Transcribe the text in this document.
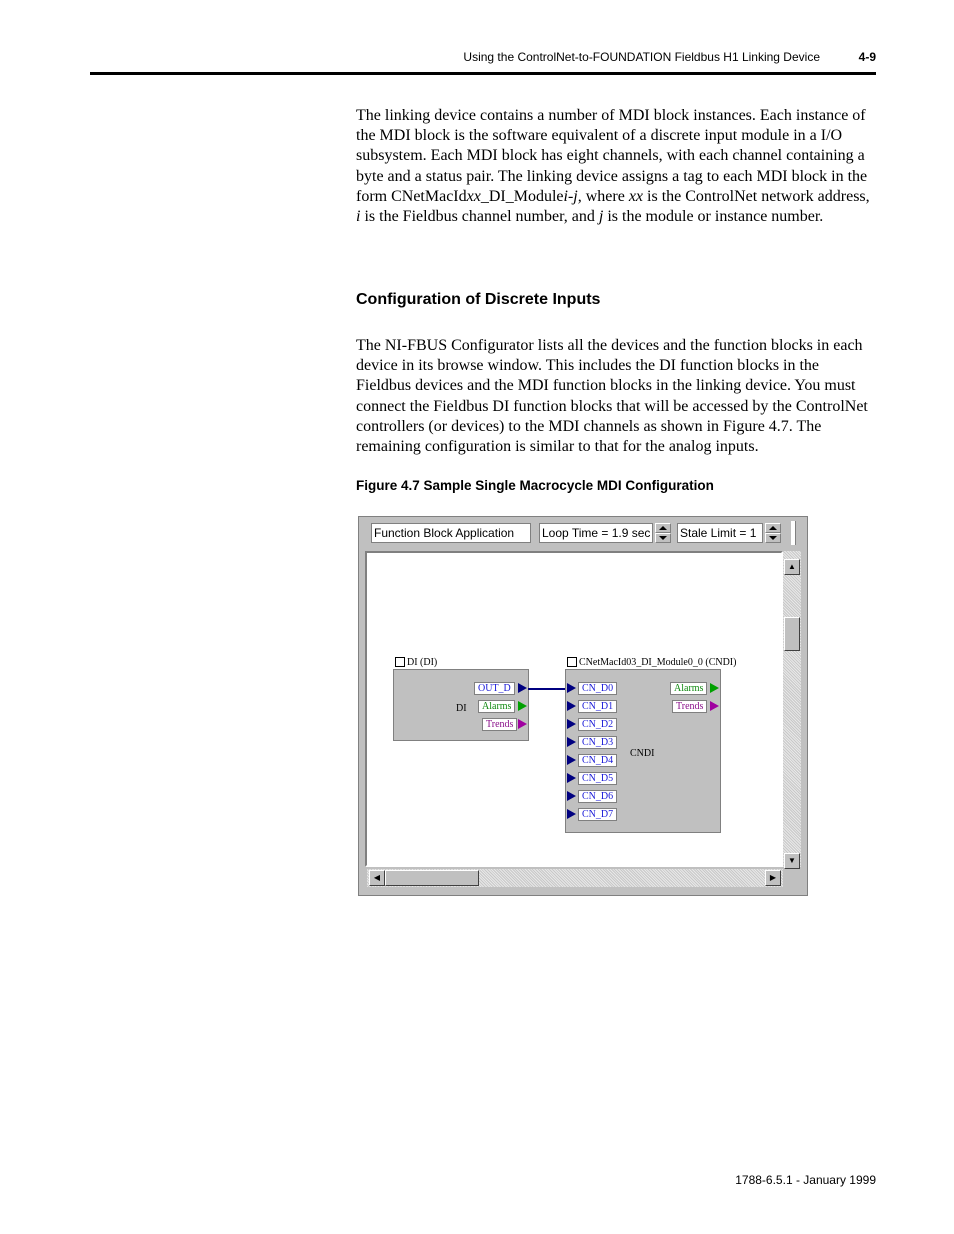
Using the ControlNet-to-FOUNDATION Fieldbus H1 Linking Device	4-9
The linking device contains a number of MDI block instances. Each instance of the MDI block is the software equivalent of a discrete input module in a I/O subsystem. Each MDI block has eight channels, with each channel containing a byte and a status pair. The linking device assigns a tag to each MDI block in the form CNetMacIdxx_DI_Modulei-j, where xx is the ControlNet network address, i is the Fieldbus channel number, and j is the module or instance number.
Configuration of Discrete Inputs
The NI-FBUS Configurator lists all the devices and the function blocks in each device in its browse window. This includes the DI function blocks in the Fieldbus devices and the MDI function blocks in the linking device. You must connect the Fieldbus DI function blocks that will be accessed by the ControlNet controllers (or devices) to the MDI channels as shown in Figure 4.7. The remaining configuration is similar to that for the analog inputs.
Figure 4.7 Sample Single Macrocycle MDI Configuration
Function Block Application	Loop Time = 1.9 sec Stale Limit = 1
DI (DI)
DI
OUT_D
Alarms
Trends
CNetMacId03_DI_Module0_0 (CNDI)
CNDI
CN_D0
CN_D1
CN_D2
CN_D3
CN_D4
CN_D5
CN_D6
CN_D7
Alarms
Trends
▲
▼
◀	▶
1788-6.5.1 - January 1999
